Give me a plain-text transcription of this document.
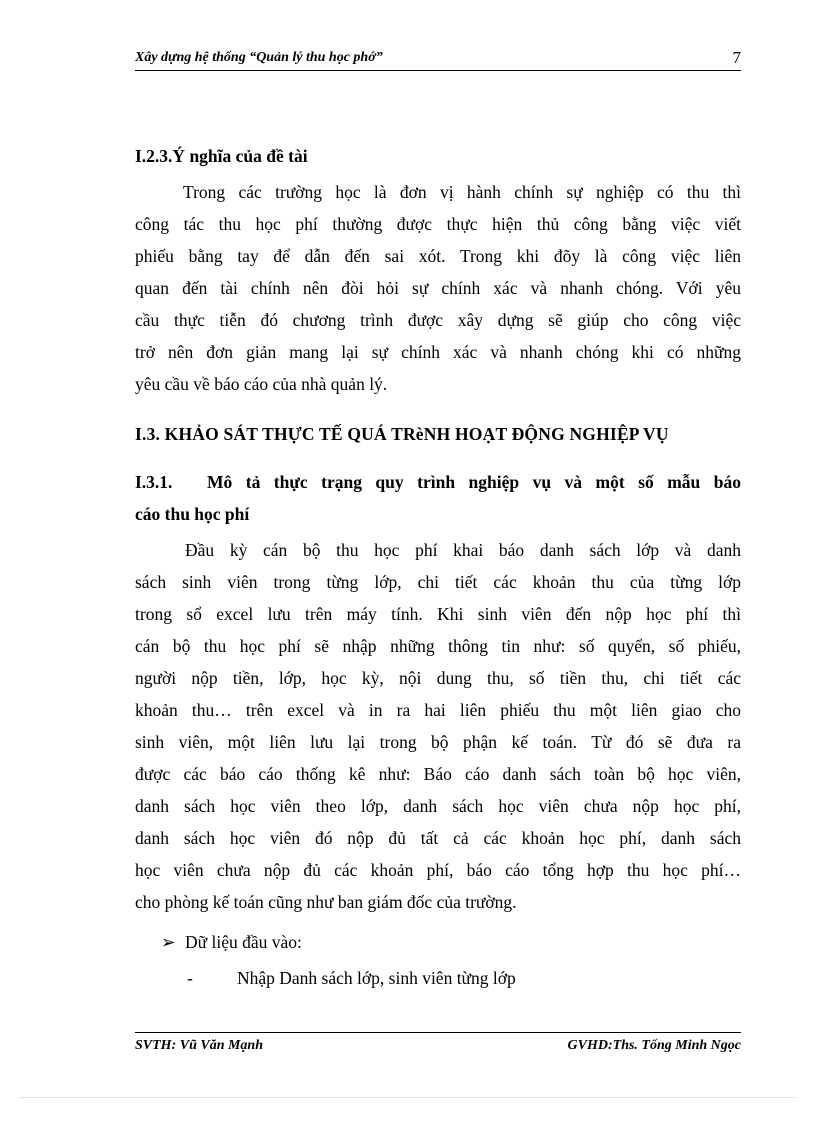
Xây dựng hệ thống “Quản lý thu học phớ”	7
I.2.3.Ý nghĩa của đề tài
Trong các trường học là đơn vị hành chính sự nghiệp có thu thì
công tác thu học phí thường được thực hiện thủ công bằng việc viết
phiếu bằng tay để dẫn đến sai xót. Trong khi đõy là công việc liên
quan đến tài chính nên đòi hỏi sự chính xác và nhanh chóng. Với yêu
cầu thực tiễn đó chương trình được xây dựng sẽ giúp cho công việc
trở nên đơn giản mang lại sự chính xác và nhanh chóng khi có những
yêu cầu về báo cáo của nhà quản lý.
I.3. KHẢO SÁT THỰC TẾ QUÁ TRèNH HOẠT ĐỘNG NGHIỆP VỤ
I.3.1. Mô tả thực trạng quy trình nghiệp vụ và một số mẫu báo
cáo thu học phí
Đầu kỳ cán bộ thu học phí khai báo danh sách lớp và danh
sách sinh viên trong từng lớp, chi tiết các khoản thu của từng lớp
trong sổ excel lưu trên máy tính. Khi sinh viên đến nộp học phí thì
cán bộ thu học phí sẽ nhập những thông tin như: số quyển, số phiếu,
người nộp tiền, lớp, học kỳ, nội dung thu, số tiền thu, chi tiết các
khoản thu… trên excel và in ra hai liên phiếu thu một liên giao cho
sinh viên, một liên lưu lại trong bộ phận kế toán. Từ đó sẽ đưa ra
được các báo cáo thống kê như: Báo cáo danh sách toàn bộ học viên,
danh sách học viên theo lớp, danh sách học viên chưa nộp học phí,
danh sách học viên đó nộp đủ tất cả các khoản học phí, danh sách
học viên chưa nộp đủ các khoản phí, báo cáo tổng hợp thu học phí…
cho phòng kế toán cũng như ban giám đốc của trường.
➢ Dữ liệu đầu vào:
-	Nhập Danh sách lớp, sinh viên từng lớp
SVTH: Vũ Văn Mạnh	GVHD:Ths. Tống Minh Ngọc
